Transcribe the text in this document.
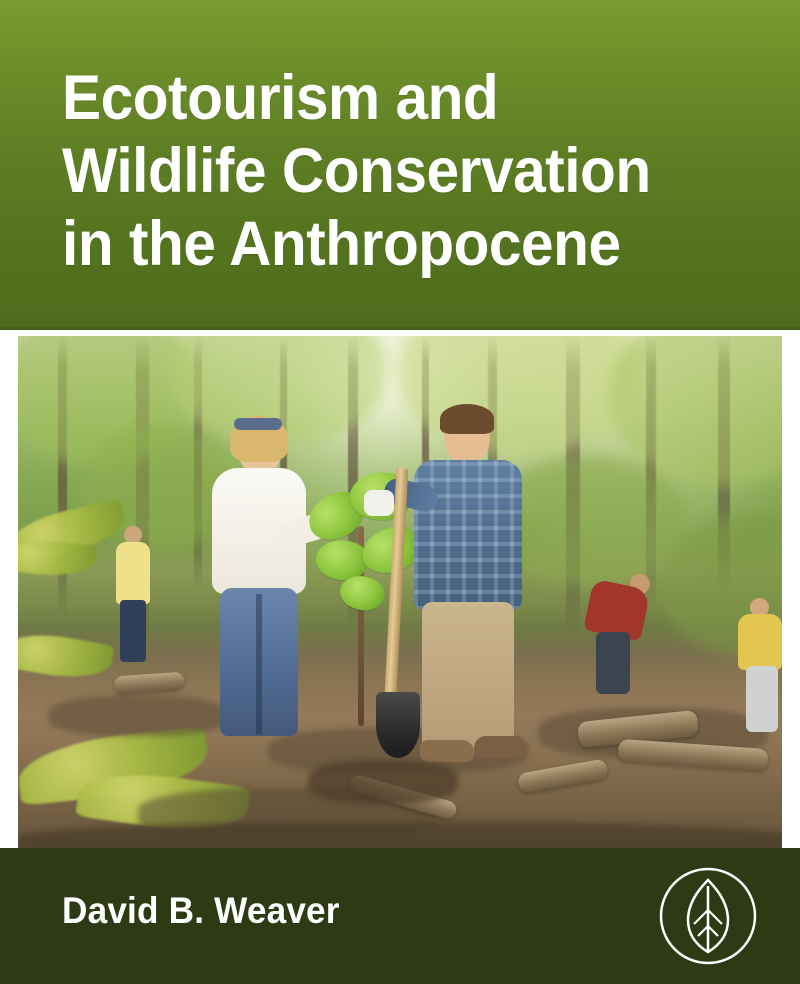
Ecotourism and
Wildlife Conservation
in the Anthropocene
David B. Weaver
